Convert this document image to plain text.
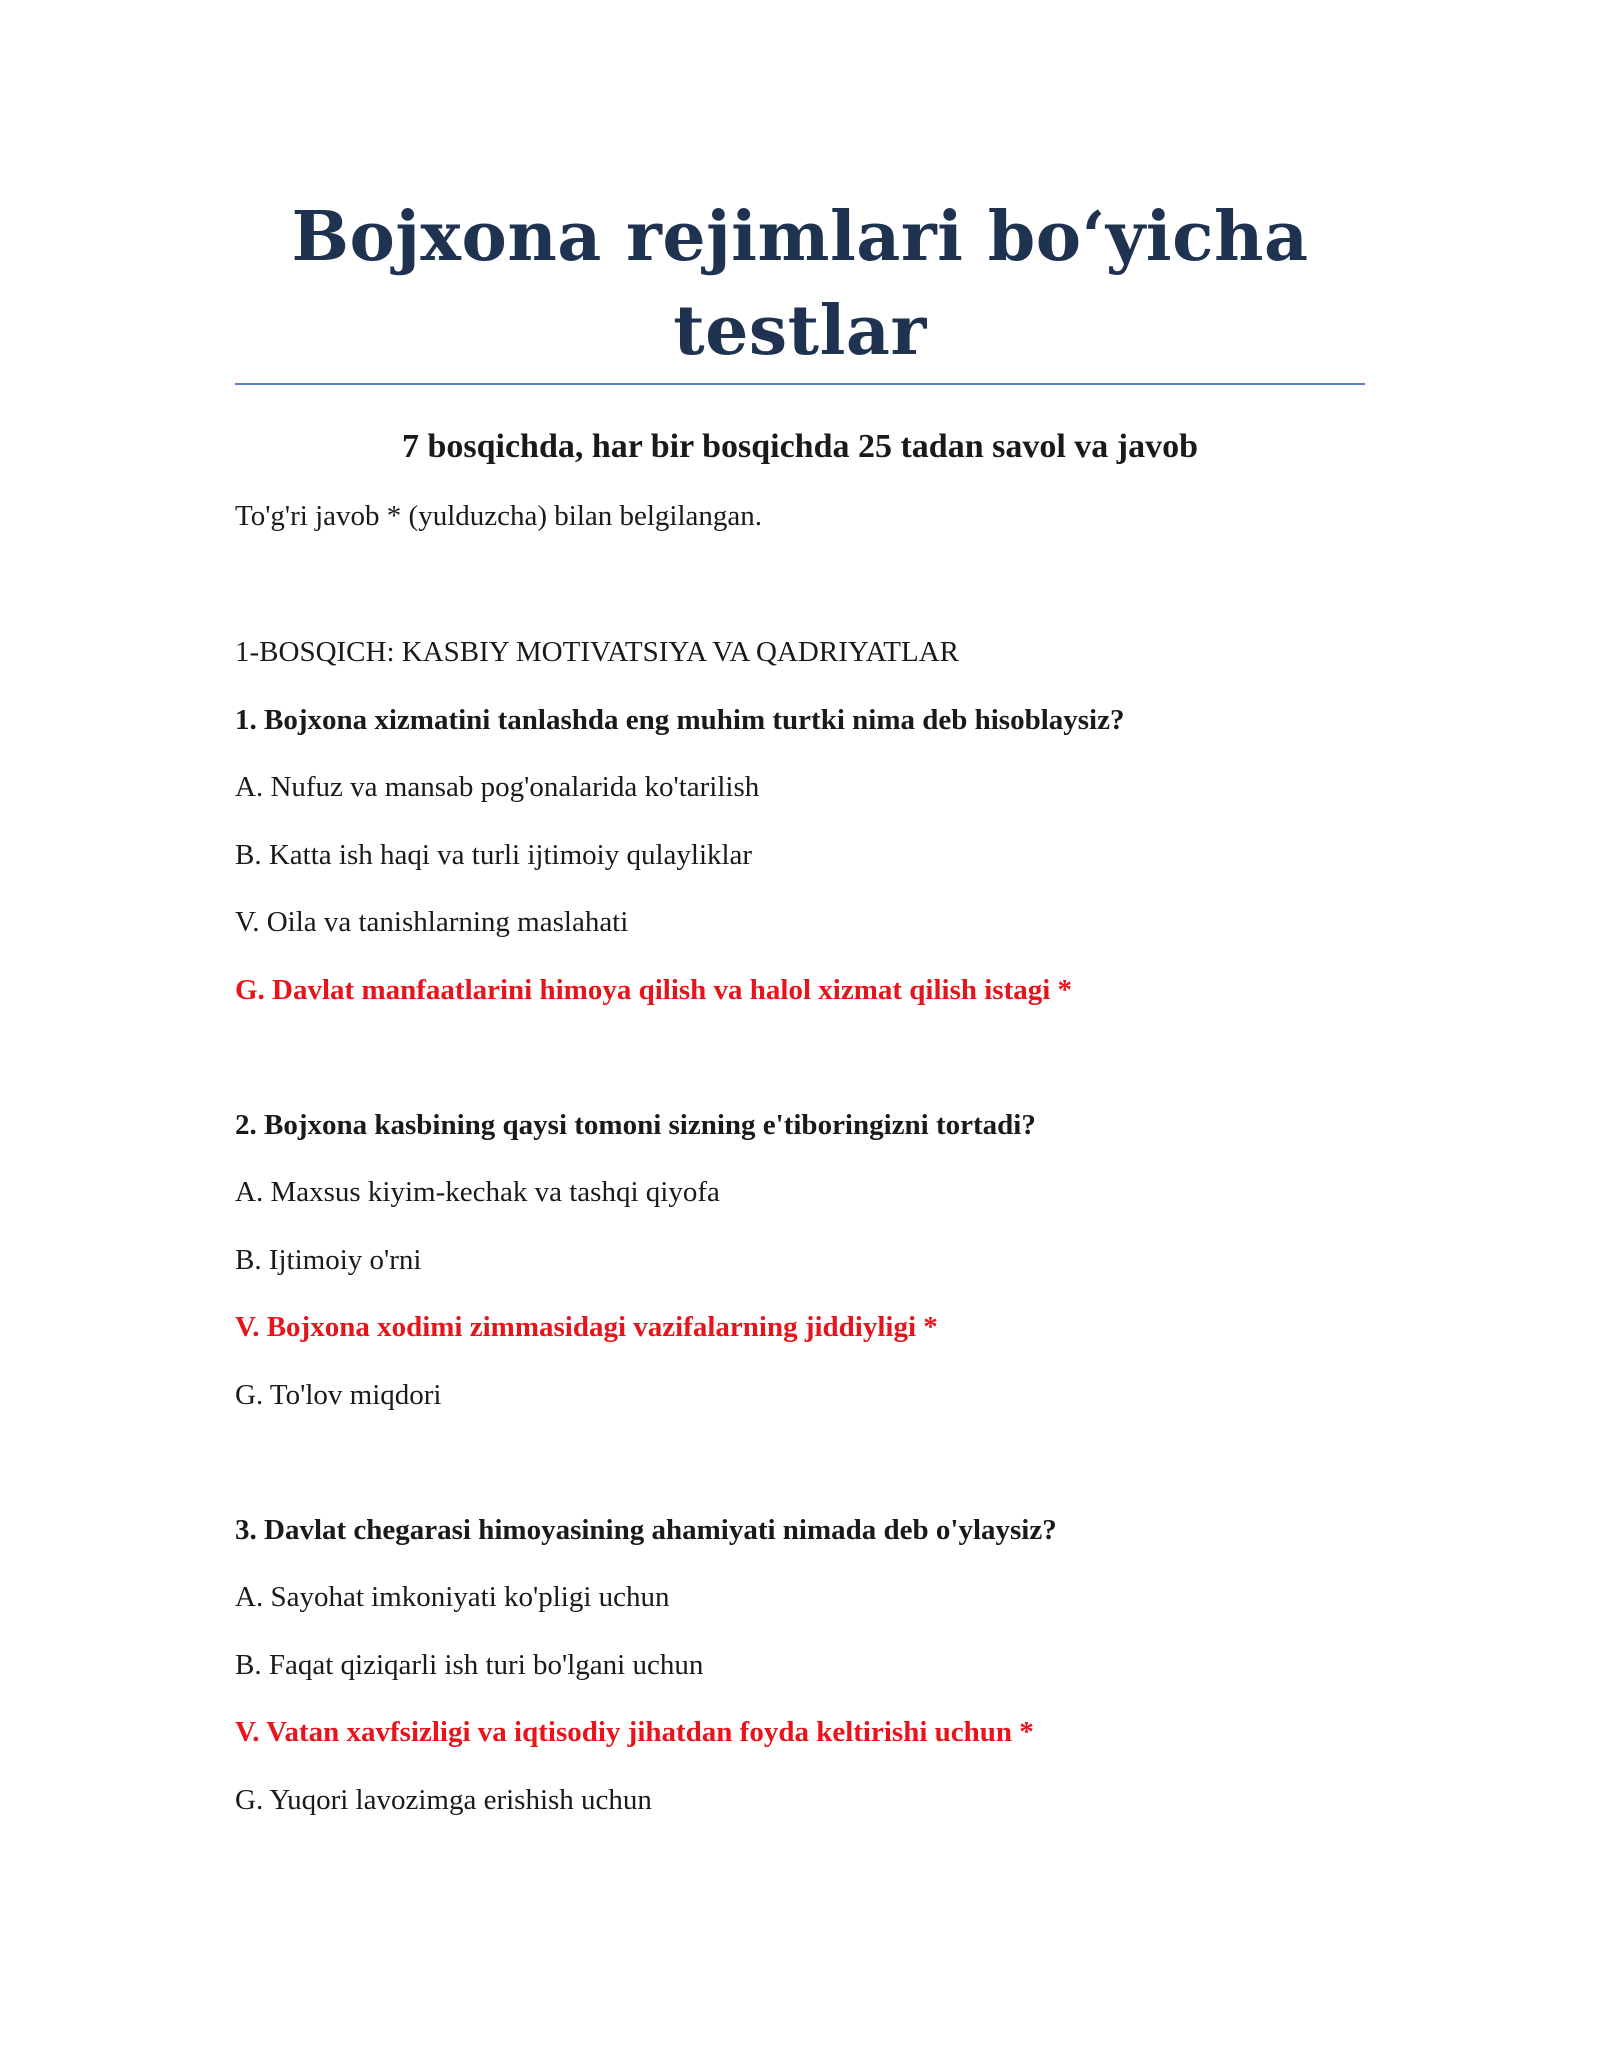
Bojxona rejimlari bo‘yicha
testlar
7 bosqichda, har bir bosqichda 25 tadan savol va javob
To'g'ri javob * (yulduzcha) bilan belgilangan.
1-BOSQICH: KASBIY MOTIVATSIYA VA QADRIYATLAR
1. Bojxona xizmatini tanlashda eng muhim turtki nima deb hisoblaysiz?
A. Nufuz va mansab pog'onalarida ko'tarilish
B. Katta ish haqi va turli ijtimoiy qulayliklar
V. Oila va tanishlarning maslahati
G. Davlat manfaatlarini himoya qilish va halol xizmat qilish istagi *
2. Bojxona kasbining qaysi tomoni sizning e'tiboringizni tortadi?
A. Maxsus kiyim-kechak va tashqi qiyofa
B. Ijtimoiy o'rni
V. Bojxona xodimi zimmasidagi vazifalarning jiddiyligi *
G. To'lov miqdori
3. Davlat chegarasi himoyasining ahamiyati nimada deb o'ylaysiz?
A. Sayohat imkoniyati ko'pligi uchun
B. Faqat qiziqarli ish turi bo'lgani uchun
V. Vatan xavfsizligi va iqtisodiy jihatdan foyda keltirishi uchun *
G. Yuqori lavozimga erishish uchun
